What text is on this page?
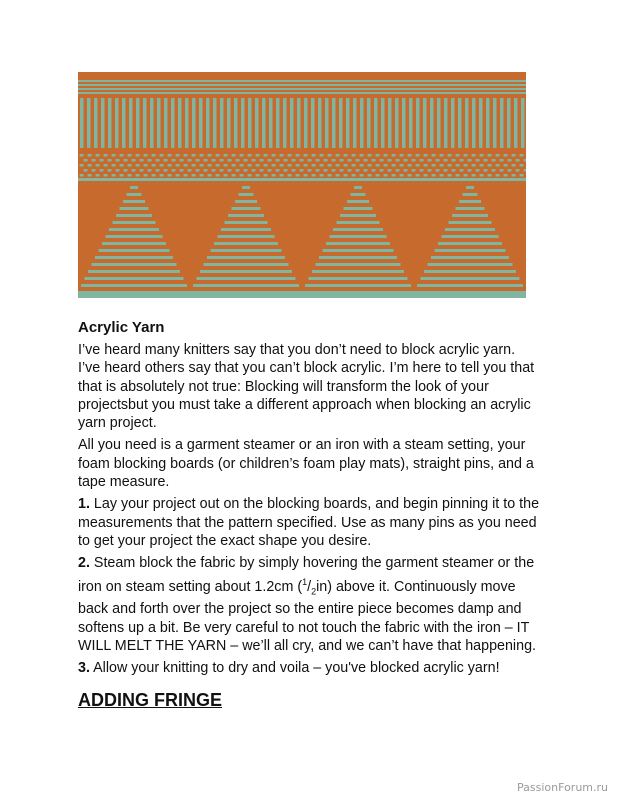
Acrylic Yarn

I’ve heard many knitters say that you don’t need to block acrylic yarn. I’ve heard others say that you can’t block acrylic. I’m here to tell you that that is absolutely not true: Blocking will transform the look of your projectsbut you must take a different approach when blocking an acrylic yarn project.

All you need is a garment steamer or an iron with a steam setting, your foam blocking boards (or children’s foam play mats), straight pins, and a tape measure.

1. Lay your project out on the blocking boards, and begin pinning it to the measurements that the pattern specified. Use as many pins as you need to get your project the exact shape you desire.

2. Steam block the fabric by simply hovering the garment steamer or the iron on steam setting about 1.2cm $(^1/_2in)$ above it. Continuously move back and forth over the project so the entire piece becomes damp and softens up a bit. Be very careful to not touch the fabric with the iron – IT WILL MELT THE YARN – we’ll all cry, and we can’t have that happening.

3. Allow your knitting to dry and voila – you've blocked acrylic yarn!

ADDING FRINGE
PassionForum.ru
